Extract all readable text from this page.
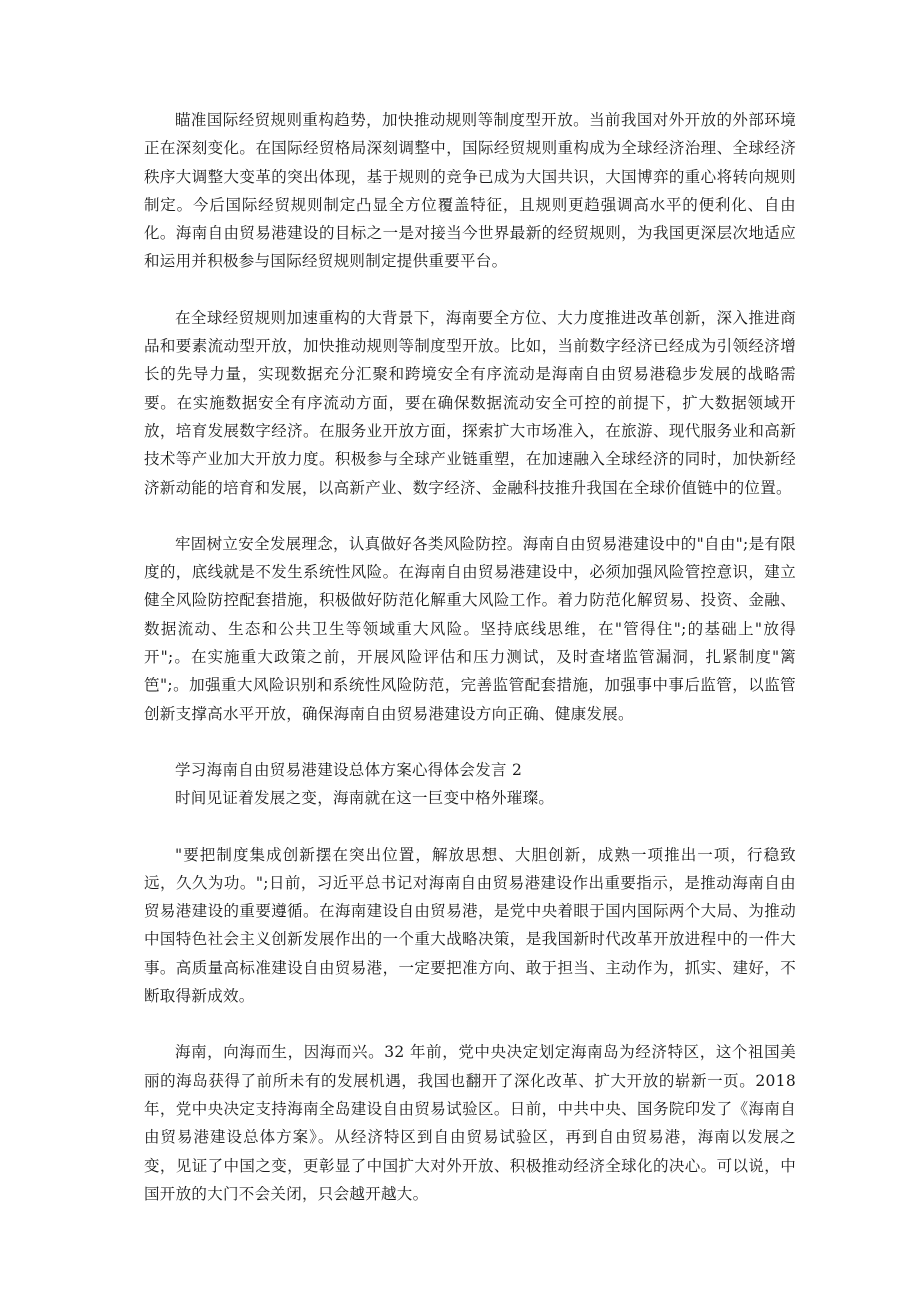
瞄准国际经贸规则重构趋势，加快推动规则等制度型开放。当前我国对外开放的外部环境正在深刻变化。在国际经贸格局深刻调整中，国际经贸规则重构成为全球经济治理、全球经济秩序大调整大变革的突出体现，基于规则的竞争已成为大国共识，大国博弈的重心将转向规则制定。今后国际经贸规则制定凸显全方位覆盖特征，且规则更趋强调高水平的便利化、自由化。海南自由贸易港建设的目标之一是对接当今世界最新的经贸规则，为我国更深层次地适应和运用并积极参与国际经贸规则制定提供重要平台。

在全球经贸规则加速重构的大背景下，海南要全方位、大力度推进改革创新，深入推进商品和要素流动型开放，加快推动规则等制度型开放。比如，当前数字经济已经成为引领经济增长的先导力量，实现数据充分汇聚和跨境安全有序流动是海南自由贸易港稳步发展的战略需要。在实施数据安全有序流动方面，要在确保数据流动安全可控的前提下，扩大数据领域开放，培育发展数字经济。在服务业开放方面，探索扩大市场准入，在旅游、现代服务业和高新技术等产业加大开放力度。积极参与全球产业链重塑，在加速融入全球经济的同时，加快新经济新动能的培育和发展，以高新产业、数字经济、金融科技推升我国在全球价值链中的位置。

牢固树立安全发展理念，认真做好各类风险防控。海南自由贸易港建设中的"自由";是有限度的，底线就是不发生系统性风险。在海南自由贸易港建设中，必须加强风险管控意识，建立健全风险防控配套措施，积极做好防范化解重大风险工作。着力防范化解贸易、投资、金融、数据流动、生态和公共卫生等领域重大风险。坚持底线思维，在"管得住";的基础上"放得开";。在实施重大政策之前，开展风险评估和压力测试，及时查堵监管漏洞，扎紧制度"篱笆";。加强重大风险识别和系统性风险防范，完善监管配套措施，加强事中事后监管，以监管创新支撑高水平开放，确保海南自由贸易港建设方向正确、健康发展。

学习海南自由贸易港建设总体方案心得体会发言 2

时间见证着发展之变，海南就在这一巨变中格外璀璨。

"要把制度集成创新摆在突出位置，解放思想、大胆创新，成熟一项推出一项，行稳致远，久久为功。";日前，习近平总书记对海南自由贸易港建设作出重要指示，是推动海南自由贸易港建设的重要遵循。在海南建设自由贸易港，是党中央着眼于国内国际两个大局、为推动中国特色社会主义创新发展作出的一个重大战略决策，是我国新时代改革开放进程中的一件大事。高质量高标准建设自由贸易港，一定要把准方向、敢于担当、主动作为，抓实、建好，不断取得新成效。

海南，向海而生，因海而兴。32 年前，党中央决定划定海南岛为经济特区，这个祖国美丽的海岛获得了前所未有的发展机遇，我国也翻开了深化改革、扩大开放的崭新一页。2018 年，党中央决定支持海南全岛建设自由贸易试验区。日前，中共中央、国务院印发了《海南自由贸易港建设总体方案》。从经济特区到自由贸易试验区，再到自由贸易港，海南以发展之变，见证了中国之变，更彰显了中国扩大对外开放、积极推动经济全球化的决心。可以说，中国开放的大门不会关闭，只会越开越大。
